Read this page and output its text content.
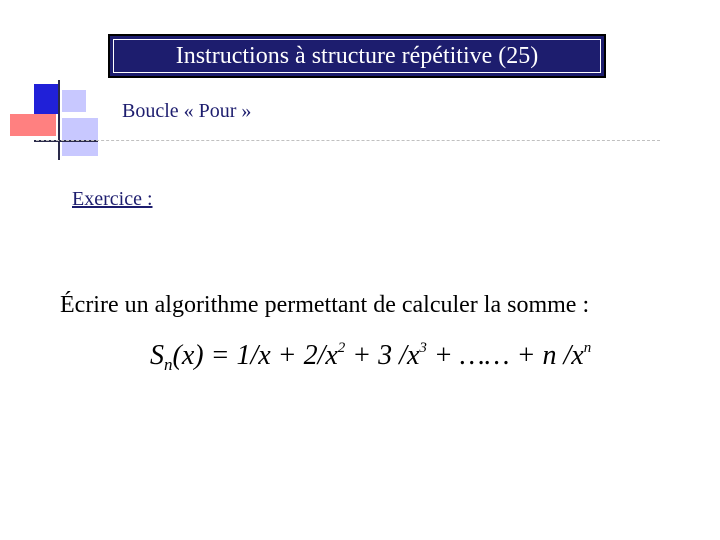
Instructions à structure répétitive (25)
Boucle « Pour »
Exercice :
Écrire un algorithme permettant de calculer la somme :
$S_n(x) = 1/x + 2/x^2 + 3$ $/x^3$ + …… + n $/x^n$
